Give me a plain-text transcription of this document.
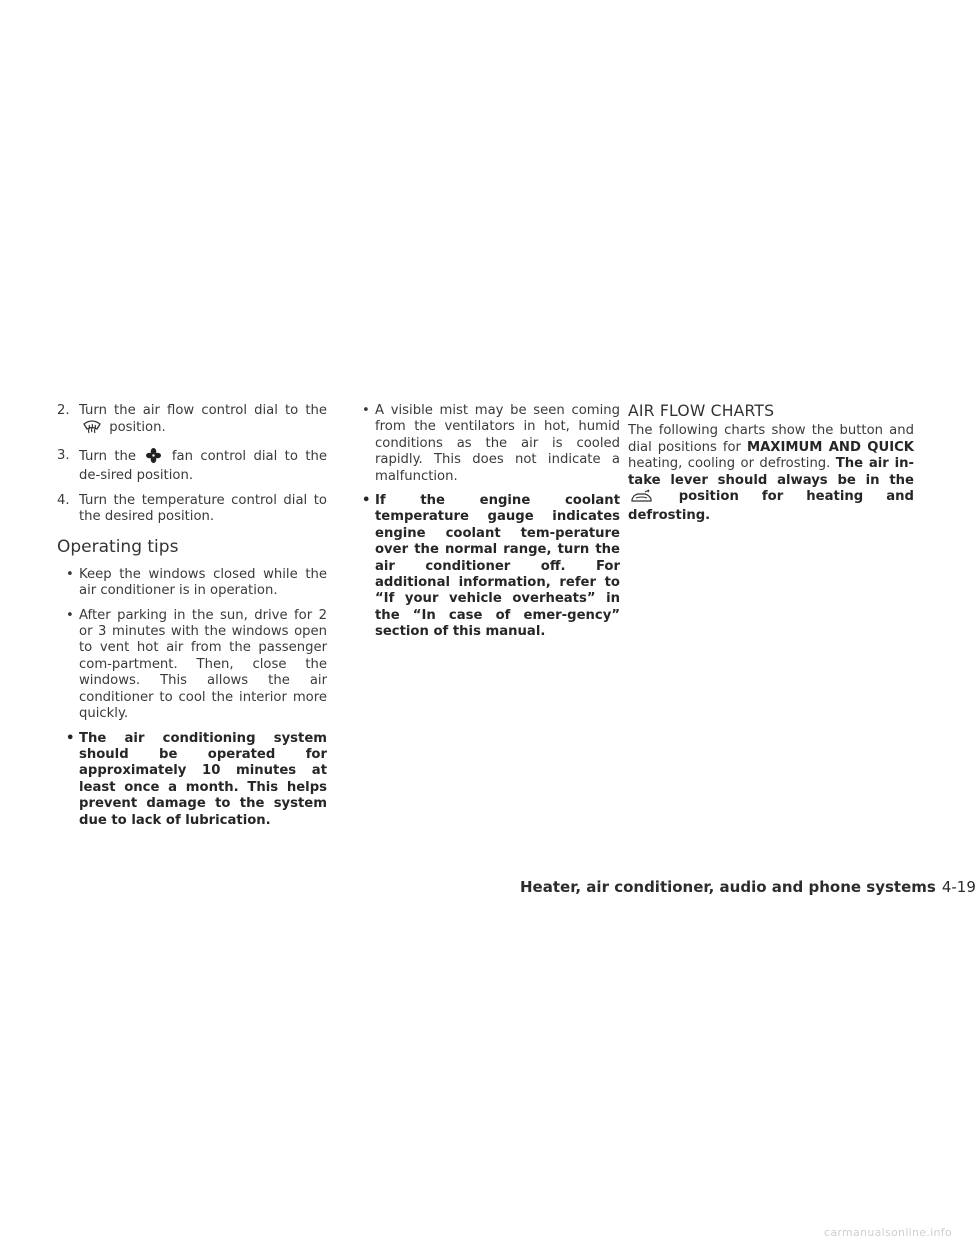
2. Turn the air flow control dial to the  position.
3. Turn the	fan control dial to the de-sired position.
4. Turn the temperature control dial to the desired position.
Operating tips
• Keep the windows closed while the air conditioner is in operation.
• After parking in the sun, drive for 2 or 3 minutes with the windows open to vent hot air from the passenger com-partment. Then, close the windows. This allows the air conditioner to cool the interior more quickly.
• The air conditioning system should be operated for approximately 10 minutes at least once a month. This helps prevent damage to the system due to lack of lubrication.
• A visible mist may be seen coming from the ventilators in hot, humid conditions as the air is cooled rapidly. This does not indicate a malfunction.
• If the engine coolant temperature gauge indicates engine coolant tem-perature over the normal range, turn the air conditioner off. For additional information, refer to “If your vehicle overheats” in the “In case of emer-gency” section of this manual.
AIR FLOW CHARTS
The following charts show the button and dial positions for MAXIMUM AND QUICK heating, cooling or defrosting. The air in-take lever should always be in the  position for heating and defrosting.
Heater, air conditioner, audio and phone systems 4-19
carmanualsonline.info
